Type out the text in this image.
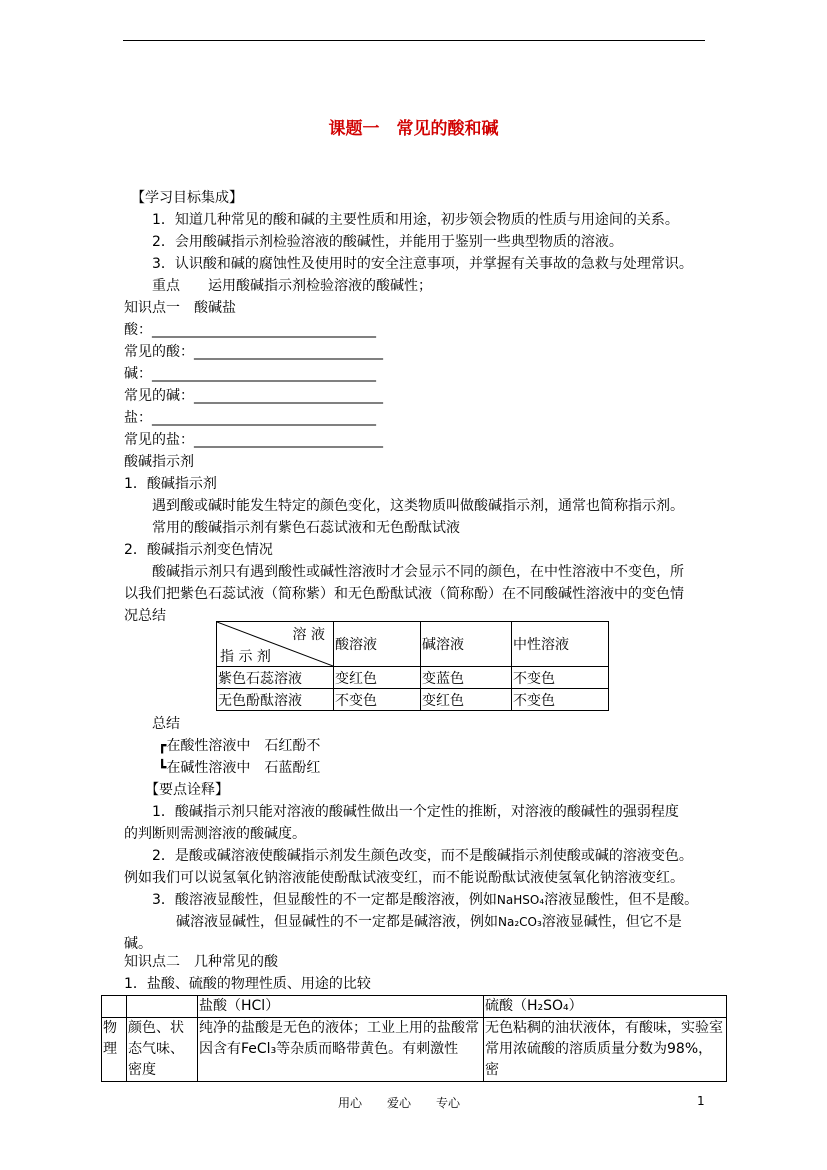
课题一　常见的酸和碱
【学习目标集成】
1．知道几种常见的酸和碱的主要性质和用途，初步领会物质的性质与用途间的关系。
2．会用酸碱指示剂检验溶液的酸碱性，并能用于鉴别一些典型物质的溶液。
3．认识酸和碱的腐蚀性及使用时的安全注意事项，并掌握有关事故的急救与处理常识。
重点　　运用酸碱指示剂检验溶液的酸碱性；
知识点一　酸碱盐
酸：________________________________
常见的酸：___________________________
碱：________________________________
常见的碱：___________________________
盐：________________________________
常见的盐：___________________________
酸碱指示剂
1．酸碱指示剂
遇到酸或碱时能发生特定的颜色变化，这类物质叫做酸碱指示剂，通常也简称指示剂。
常用的酸碱指示剂有紫色石蕊试液和无色酚酞试液
2．酸碱指示剂变色情况
酸碱指示剂只有遇到酸性或碱性溶液时才会显示不同的颜色，在中性溶液中不变色，所
以我们把紫色石蕊试液（简称紫）和无色酚酞试液（简称酚）在不同酸碱性溶液中的变色情
况总结
溶 液
指 示 剂	酸溶液	碱溶液	中性溶液
紫色石蕊溶液	变红色	变蓝色	不变色
无色酚酞溶液	不变色	变红色	不变色
总结
┏在酸性溶液中　石红酚不
┗在碱性溶液中　石蓝酚红
【要点诠释】
1．酸碱指示剂只能对溶液的酸碱性做出一个定性的推断，对溶液的酸碱性的强弱程度
的判断则需测溶液的酸碱度。
2．是酸或碱溶液使酸碱指示剂发生颜色改变，而不是酸碱指示剂使酸或碱的溶液变色。
例如我们可以说氢氧化钠溶液能使酚酞试液变红，而不能说酚酞试液使氢氧化钠溶液变红。
3．酸溶液显酸性，但显酸性的不一定都是酸溶液，例如NaHSO₄溶液显酸性，但不是酸。
碱溶液显碱性，但显碱性的不一定都是碱溶液，例如Na₂CO₃溶液显碱性，但它不是
碱。
知识点二　几种常见的酸
1．盐酸、硫酸的物理性质、用途的比较
		盐酸（HCl）	硫酸（H₂SO₄）
物理	颜色、状态气味、密度	纯净的盐酸是无色的液体；工业上用的盐酸常因含有FeCl₃等杂质而略带黄色。有刺激性	无色粘稠的油状液体，有酸味，实验室常用浓硫酸的溶质质量分数为98%，密
用心 爱心 专心	1
